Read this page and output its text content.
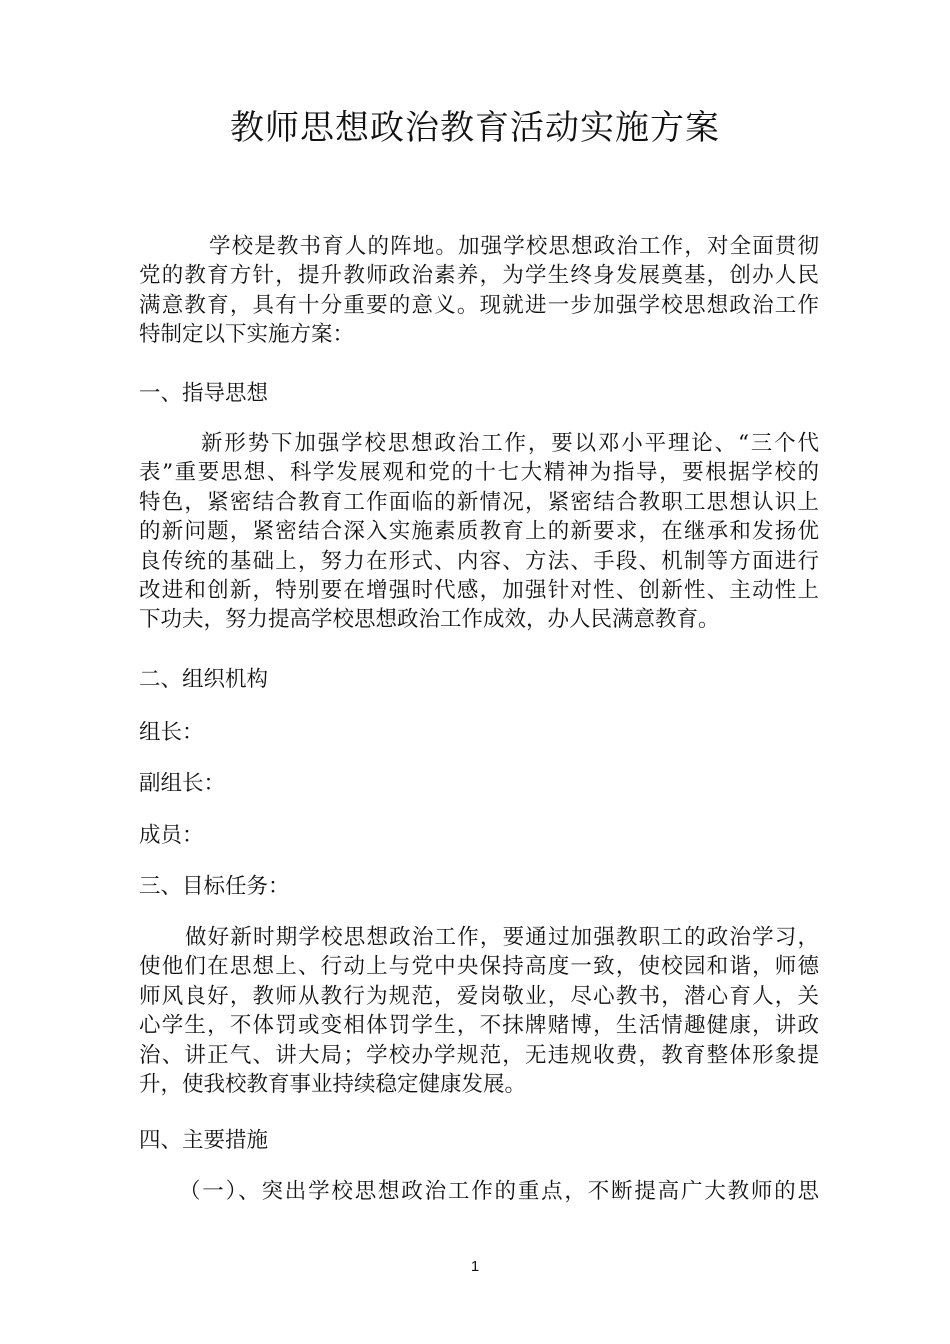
教师思想政治教育活动实施方案
学校是教书育人的阵地。加强学校思想政治工作，对全面贯彻
党的教育方针，提升教师政治素养，为学生终身发展奠基，创办人民
满意教育，具有十分重要的意义。现就进一步加强学校思想政治工作
特制定以下实施方案：
一、指导思想
新形势下加强学校思想政治工作，要以邓小平理论、“三个代
表”重要思想、科学发展观和党的十七大精神为指导，要根据学校的
特色，紧密结合教育工作面临的新情况，紧密结合教职工思想认识上
的新问题，紧密结合深入实施素质教育上的新要求，在继承和发扬优
良传统的基础上，努力在形式、内容、方法、手段、机制等方面进行
改进和创新，特别要在增强时代感，加强针对性、创新性、主动性上
下功夫，努力提高学校思想政治工作成效，办人民满意教育。
二、组织机构
组长：
副组长：
成员：
三、目标任务：
做好新时期学校思想政治工作，要通过加强教职工的政治学习，
使他们在思想上、行动上与党中央保持高度一致，使校园和谐，师德
师风良好，教师从教行为规范，爱岗敬业，尽心教书，潜心育人，关
心学生，不体罚或变相体罚学生，不抹牌赌博，生活情趣健康，讲政
治、讲正气、讲大局；学校办学规范，无违规收费，教育整体形象提
升，使我校教育事业持续稳定健康发展。
四、主要措施
（一）、突出学校思想政治工作的重点，不断提高广大教师的思
1
